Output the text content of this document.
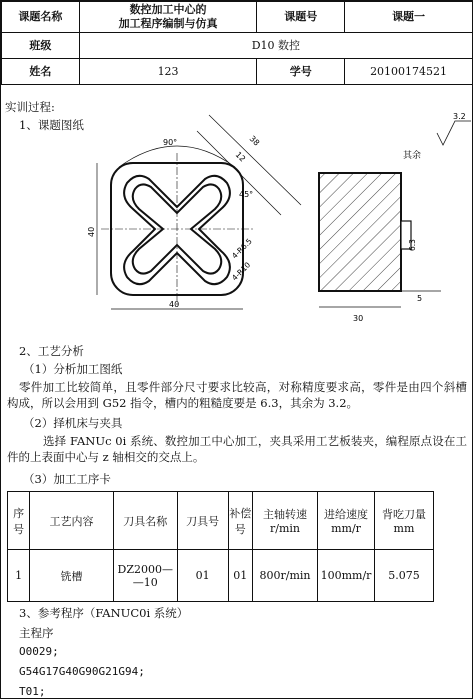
课题名称	数控加工中心的
加工程序编制与仿真	课题号	课题一
班级	D10 数控		
姓名	123	学号	20100174521
实训过程:
1、课题图纸
90°	38
12
45°
4-R6.5
4-R10
40
40
30
5
6.3
3.2
其余
2、工艺分析
（1）分析加工图纸
零件加工比较简单，且零件部分尺寸要求比较高，对称精度要求高，零件是由四个斜槽构成，所以会用到 G52 指令，槽内的粗糙度要是 6.3，其余为 3.2。
（2）择机床与夹具
选择 FANUc 0i 系统、数控加工中心加工，夹具采用工艺板装夹，编程原点设在工件的上表面中心与 z 轴相交的交点上。
（3）加工工序卡
序号	工艺内容	刀具名称	刀具号	补偿号	主轴转速 r/min	进给速度 mm/r	背吃刀量 mm
1	铣槽	DZ2000—
—10	01	01	800r/min	100mm/r	5.075
3、参考程序（FANUC0i 系统）
主程序
O0029;
G54G17G40G90G21G94;
T01;
